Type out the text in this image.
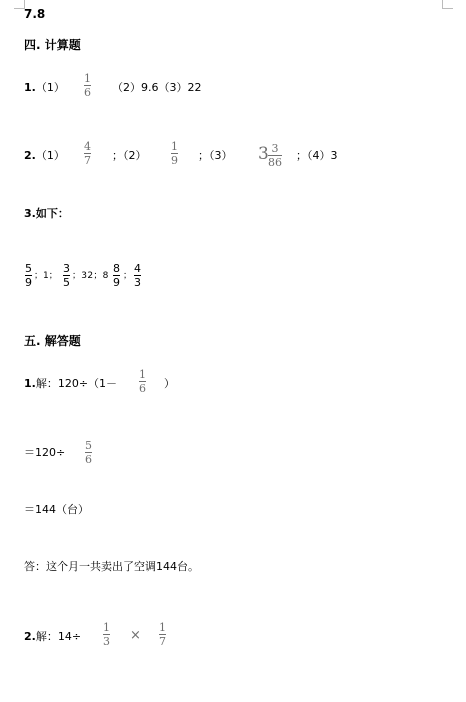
7.8
四. 计算题
1.（1）
1
6 （2）9.6（3）22
2.（1）
4
7 ；（2）
1
9 ；（3） 3 3
86
；（4）3
3.如下：
5
9 ；1；
3
5 ；32；8
8
9 ；
4
3
五. 解答题
1.解：120÷（1－
1
6 ）
＝120÷
5
6
＝144（台）
答：这个月一共卖出了空调144台。
2.解：14÷
1
3 ×
1
7
